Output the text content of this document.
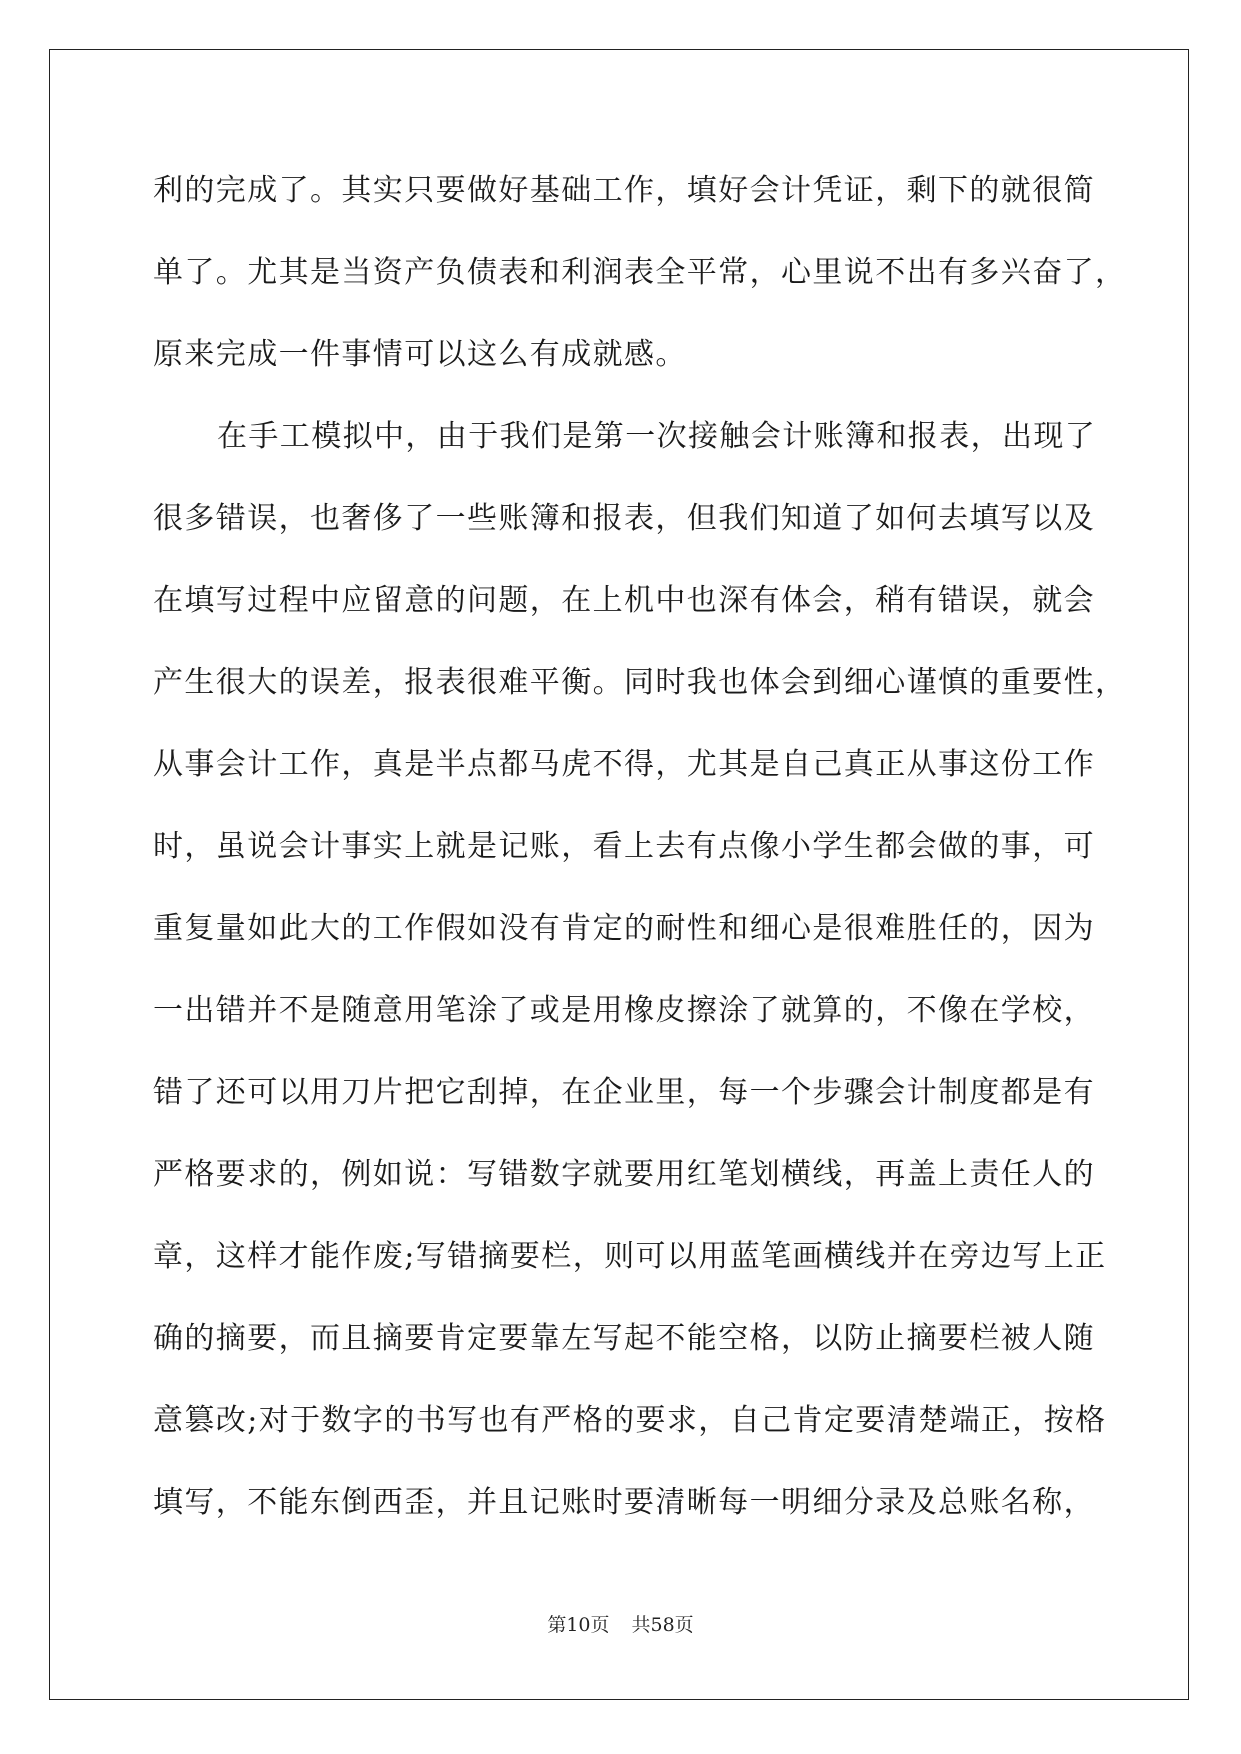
利的完成了。其实只要做好基础工作，填好会计凭证，剩下的就很简
单了。尤其是当资产负债表和利润表全平常，心里说不出有多兴奋了，
原来完成一件事情可以这么有成就感。
在手工模拟中，由于我们是第一次接触会计账簿和报表，出现了
很多错误，也奢侈了一些账簿和报表，但我们知道了如何去填写以及
在填写过程中应留意的问题，在上机中也深有体会，稍有错误，就会
产生很大的误差，报表很难平衡。同时我也体会到细心谨慎的重要性，
从事会计工作，真是半点都马虎不得，尤其是自己真正从事这份工作
时，虽说会计事实上就是记账，看上去有点像小学生都会做的事，可
重复量如此大的工作假如没有肯定的耐性和细心是很难胜任的，因为
一出错并不是随意用笔涂了或是用橡皮擦涂了就算的，不像在学校，
错了还可以用刀片把它刮掉，在企业里，每一个步骤会计制度都是有
严格要求的，例如说：写错数字就要用红笔划横线，再盖上责任人的
章，这样才能作废;写错摘要栏，则可以用蓝笔画横线并在旁边写上正
确的摘要，而且摘要肯定要靠左写起不能空格，以防止摘要栏被人随
意篡改;对于数字的书写也有严格的要求，自己肯定要清楚端正，按格
填写，不能东倒西歪，并且记账时要清晰每一明细分录及总账名称，
第10页 共58页
